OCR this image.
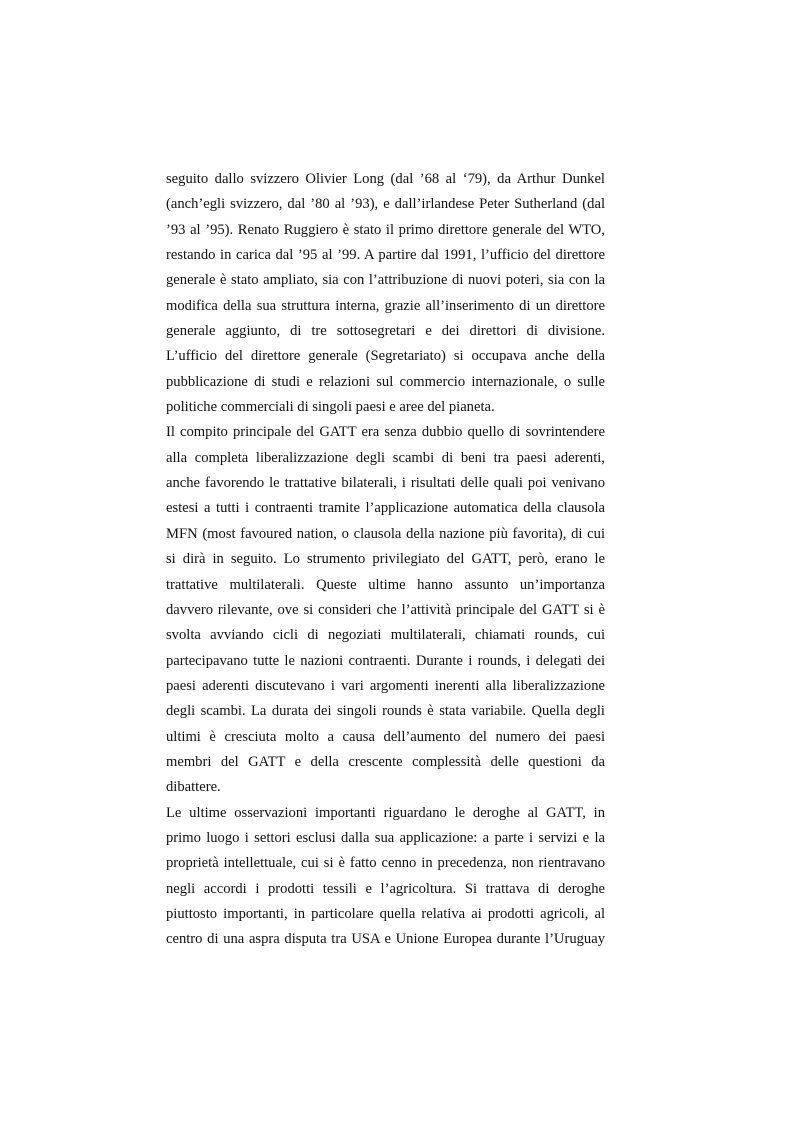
seguito dallo svizzero Olivier Long (dal ’68 al ‘79), da Arthur Dunkel
(anch’egli svizzero, dal ’80 al ’93), e dall’irlandese Peter Sutherland (dal
’93 al ’95). Renato Ruggiero è stato il primo direttore generale del WTO,
restando in carica dal ’95 al ’99. A partire dal 1991, l’ufficio del direttore
generale è stato ampliato, sia con l’attribuzione di nuovi poteri, sia con la
modifica della sua struttura interna, grazie all’inserimento di un direttore
generale aggiunto, di tre sottosegretari e dei direttori di divisione.
L’ufficio del direttore generale (Segretariato) si occupava anche della
pubblicazione di studi e relazioni sul commercio internazionale, o sulle
politiche commerciali di singoli paesi e aree del pianeta.
Il compito principale del GATT era senza dubbio quello di sovrintendere
alla completa liberalizzazione degli scambi di beni tra paesi aderenti,
anche favorendo le trattative bilaterali, i risultati delle quali poi venivano
estesi a tutti i contraenti tramite l’applicazione automatica della clausola
MFN (most favoured nation, o clausola della nazione più favorita), di cui
si dirà in seguito. Lo strumento privilegiato del GATT, però, erano le
trattative multilaterali. Queste ultime hanno assunto un’importanza
davvero rilevante, ove si consideri che l’attività principale del GATT si è
svolta avviando cicli di negoziati multilaterali, chiamati rounds, cui
partecipavano tutte le nazioni contraenti. Durante i rounds, i delegati dei
paesi aderenti discutevano i vari argomenti inerenti alla liberalizzazione
degli scambi. La durata dei singoli rounds è stata variabile. Quella degli
ultimi è cresciuta molto a causa dell’aumento del numero dei paesi
membri del GATT e della crescente complessità delle questioni da
dibattere.
Le ultime osservazioni importanti riguardano le deroghe al GATT, in
primo luogo i settori esclusi dalla sua applicazione: a parte i servizi e la
proprietà intellettuale, cui si è fatto cenno in precedenza, non rientravano
negli accordi i prodotti tessili e l’agricoltura. Si trattava di deroghe
piuttosto importanti, in particolare quella relativa ai prodotti agricoli, al
centro di una aspra disputa tra USA e Unione Europea durante l’Uruguay
